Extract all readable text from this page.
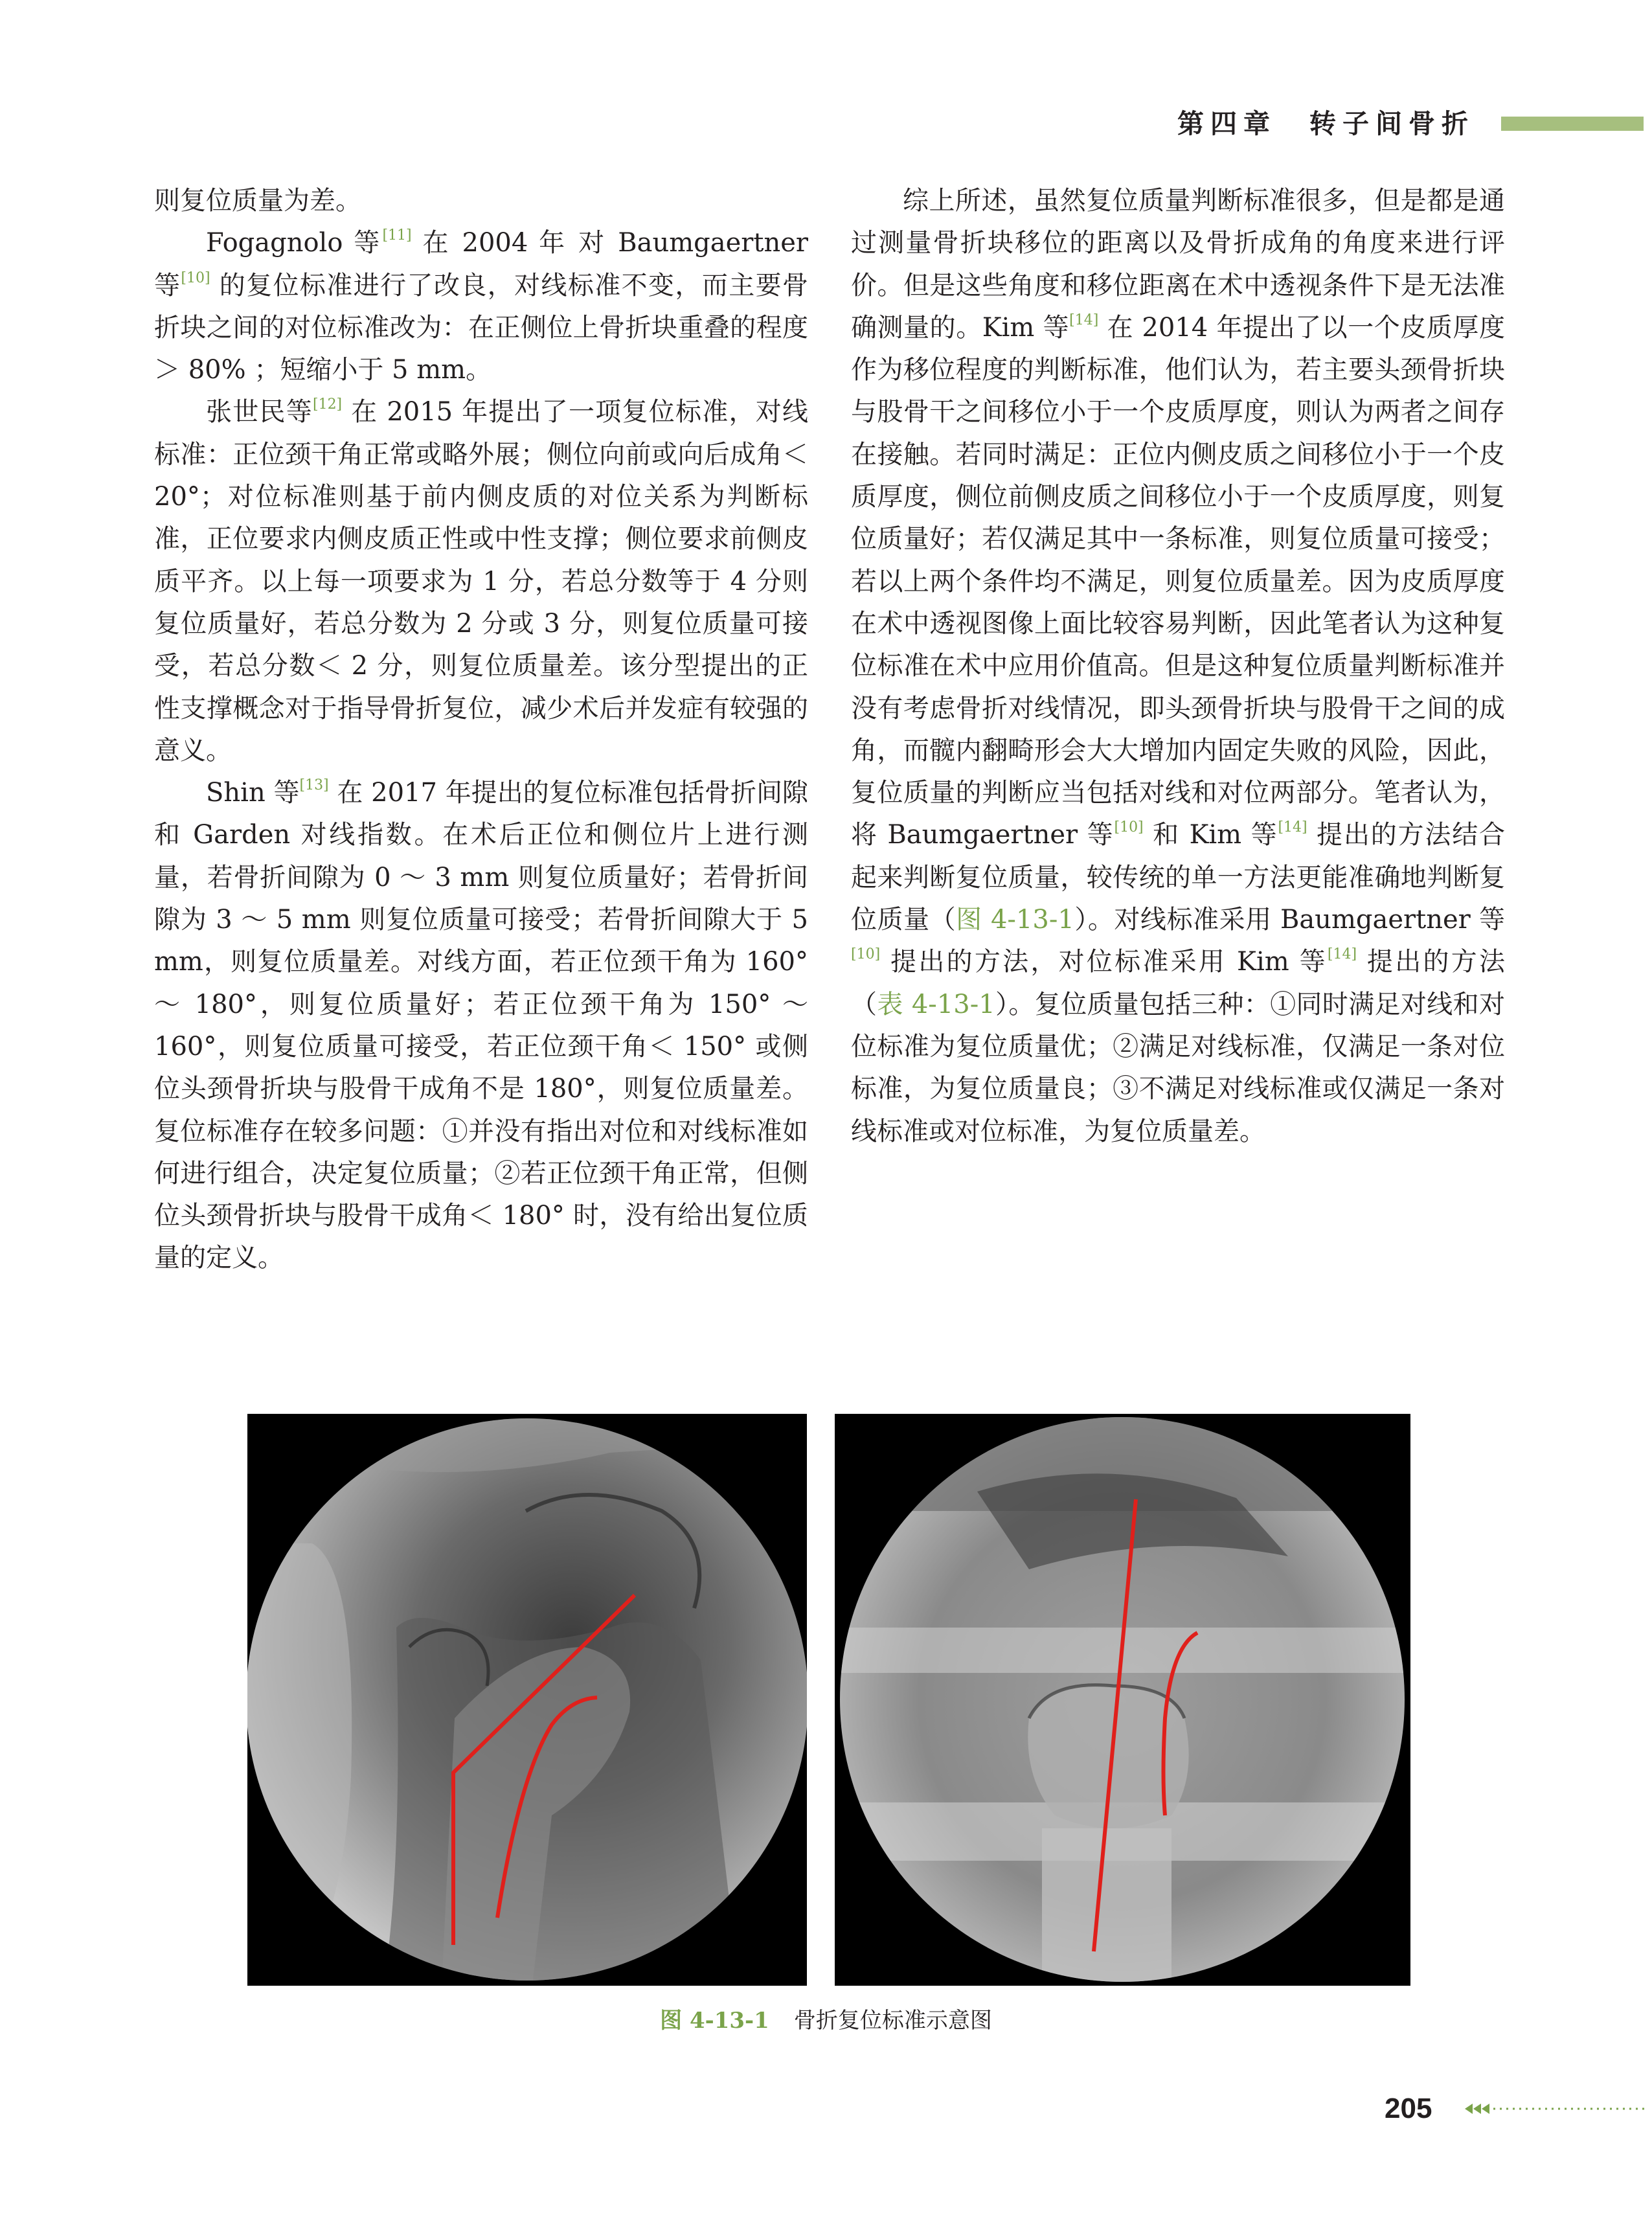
第四章　转子间骨折

则复位质量为差。

Fogagnolo 等[11] 在 2004 年 对 Baumgaertner 等[10] 的复位标准进行了改良，对线标准不变，而主要骨折块之间的对位标准改为：在正侧位上骨折块重叠的程度＞ 80% ；短缩小于 5 mm。

张世民等[12] 在 2015 年提出了一项复位标准，对线标准：正位颈干角正常或略外展；侧位向前或向后成角＜ 20°；对位标准则基于前内侧皮质的对位关系为判断标准，正位要求内侧皮质正性或中性支撑；侧位要求前侧皮质平齐。以上每一项要求为 1 分，若总分数等于 4 分则复位质量好，若总分数为 2 分或 3 分，则复位质量可接受，若总分数＜ 2 分，则复位质量差。该分型提出的正性支撑概念对于指导骨折复位，减少术后并发症有较强的意义。

Shin 等[13] 在 2017 年提出的复位标准包括骨折间隙和 Garden 对线指数。在术后正位和侧位片上进行测量，若骨折间隙为 0 ～ 3 mm 则复位质量好；若骨折间隙为 3 ～ 5 mm 则复位质量可接受；若骨折间隙大于 5 mm，则复位质量差。对线方面，若正位颈干角为 160° ～ 180°，则复位质量好；若正位颈干角为 150° ～ 160°，则复位质量可接受，若正位颈干角＜ 150° 或侧位头颈骨折块与股骨干成角不是 180°，则复位质量差。复位标准存在较多问题：①并没有指出对位和对线标准如何进行组合，决定复位质量；②若正位颈干角正常，但侧位头颈骨折块与股骨干成角＜ 180° 时，没有给出复位质量的定义。

综上所述，虽然复位质量判断标准很多，但是都是通过测量骨折块移位的距离以及骨折成角的角度来进行评价。但是这些角度和移位距离在术中透视条件下是无法准确测量的。Kim 等[14] 在 2014 年提出了以一个皮质厚度作为移位程度的判断标准，他们认为，若主要头颈骨折块与股骨干之间移位小于一个皮质厚度，则认为两者之间存在接触。若同时满足：正位内侧皮质之间移位小于一个皮质厚度，侧位前侧皮质之间移位小于一个皮质厚度，则复位质量好；若仅满足其中一条标准，则复位质量可接受；若以上两个条件均不满足，则复位质量差。因为皮质厚度在术中透视图像上面比较容易判断，因此笔者认为这种复位标准在术中应用价值高。但是这种复位质量判断标准并没有考虑骨折对线情况，即头颈骨折块与股骨干之间的成角，而髋内翻畸形会大大增加内固定失败的风险，因此，复位质量的判断应当包括对线和对位两部分。笔者认为，将 Baumgaertner 等[10] 和 Kim 等[14] 提出的方法结合起来判断复位质量，较传统的单一方法更能准确地判断复位质量（图 4-13-1）。对线标准采用 Baumgaertner 等[10] 提出的方法，对位标准采用 Kim 等[14] 提出的方法（表 4-13-1）。复位质量包括三种：①同时满足对线和对位标准为复位质量优；②满足对线标准，仅满足一条对位标准，为复位质量良；③不满足对线标准或仅满足一条对线标准或对位标准，为复位质量差。

图 4-13-1 骨折复位标准示意图
205
